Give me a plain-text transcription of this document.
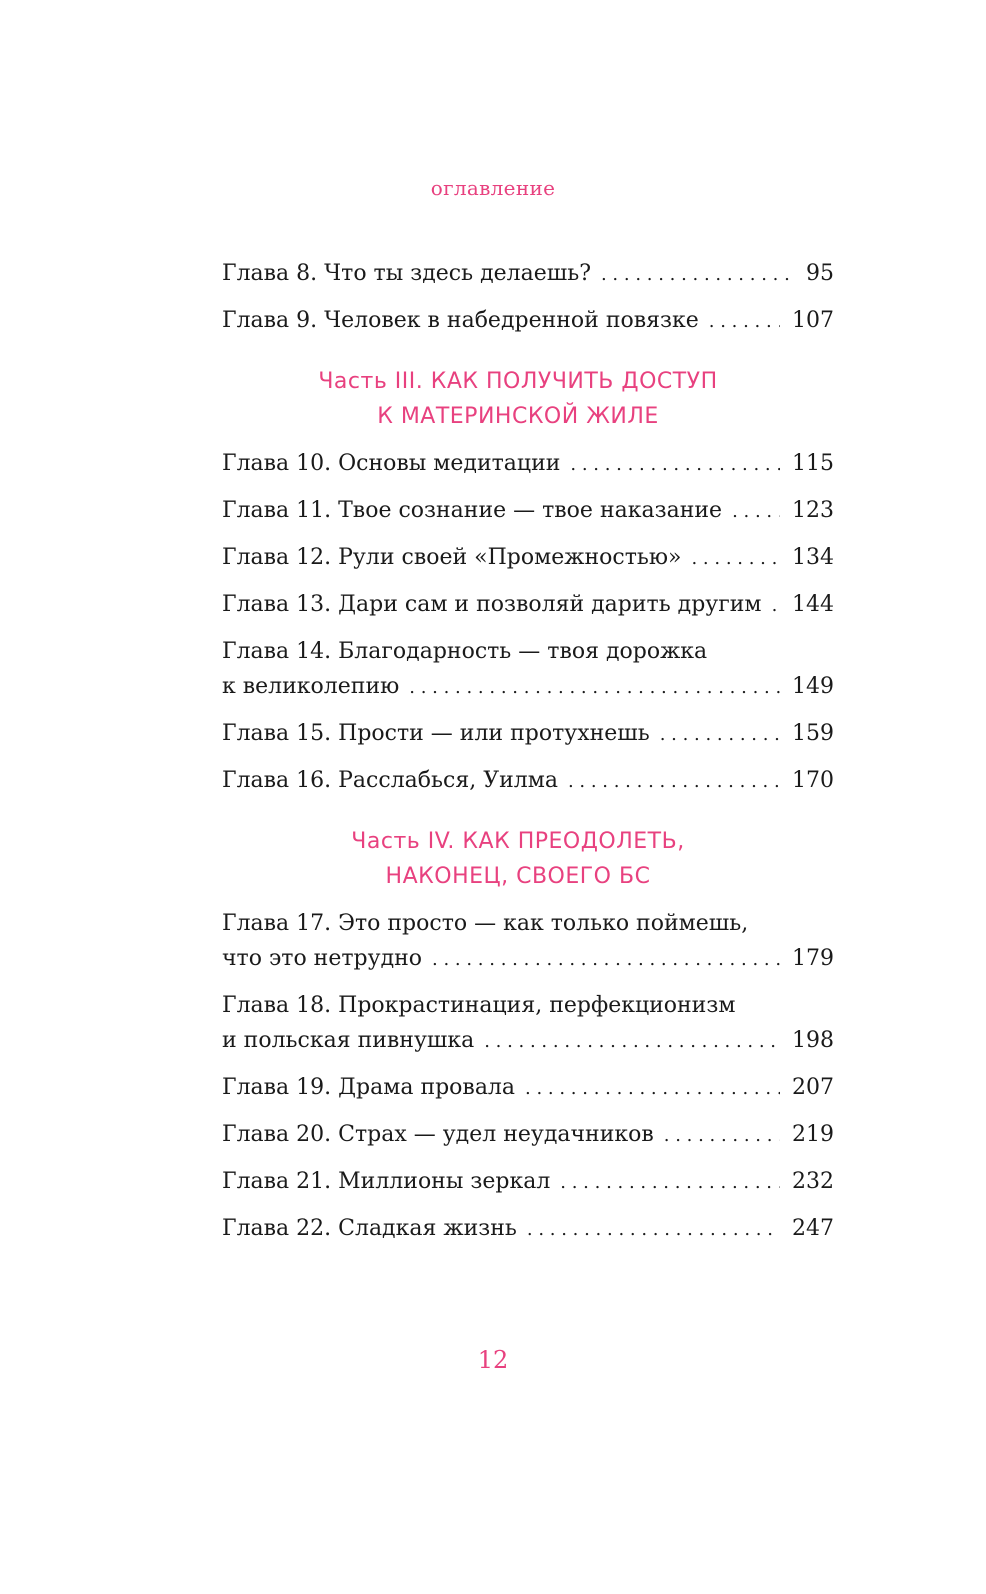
оглавление
Глава 8. Что ты здесь делаешь? . . .	95
Глава 9. Человек в набедренной повязке . . .	107
Часть III. КАК ПОЛУЧИТЬ ДОСТУП
К МАТЕРИНСКОЙ ЖИЛЕ
Глава 10. Основы медитации . . .	115
Глава 11. Твое сознание — твое наказание . . .	123
Глава 12. Рули своей «Промежностью» . . .	134
Глава 13. Дари сам и позволяй дарить другим . . . 144
Глава 14. Благодарность — твоя дорожка
к великолепию . . .	149
Глава 15. Прости — или протухнешь . . .	159
Глава 16. Расслабься, Уилма . . .	170
Часть IV. КАК ПРЕОДОЛЕТЬ,
НАКОНЕЦ, СВОЕГО БС
Глава 17. Это просто — как только поймешь,
что это нетрудно . . .	179
Глава 18. Прокрастинация, перфекционизм
и польская пивнушка . . .	198
Глава 19. Драма провала . . .	207
Глава 20. Страх — удел неудачников . . .	219
Глава 21. Миллионы зеркал . . .	232
Глава 22. Сладкая жизнь . . .	247
12
